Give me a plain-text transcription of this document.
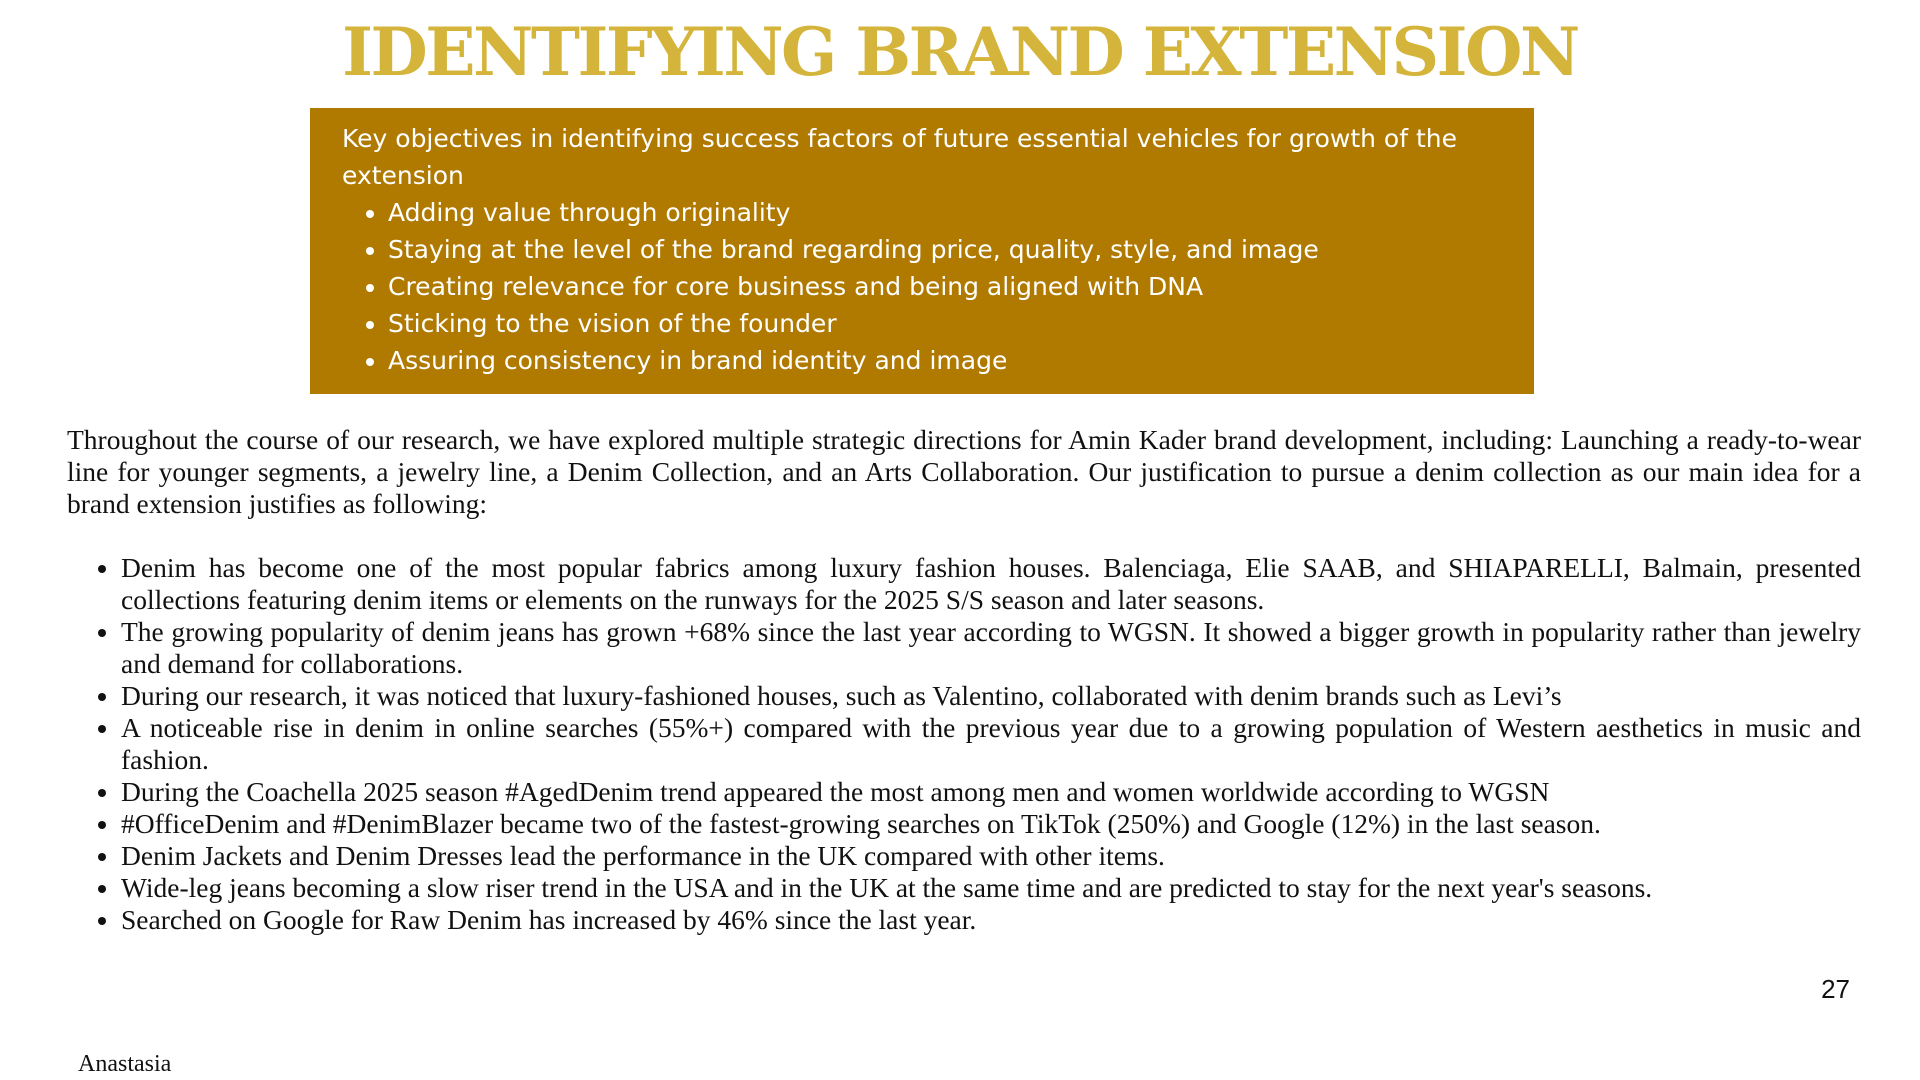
IDENTIFYING BRAND EXTENSION

Key objectives in identifying success factors of future essential vehicles for growth of the extension

• Adding value through originality
• Staying at the level of the brand regarding price, quality, style, and image
• Creating relevance for core business and being aligned with DNA
• Sticking to the vision of the founder
• Assuring consistency in brand identity and image

Throughout the course of our research, we have explored multiple strategic directions for Amin Kader brand development, including: Launching a ready-to-wear line for younger segments, a jewelry line, a Denim Collection, and an Arts Collaboration. Our justification to pursue a denim collection as our main idea for a brand extension justifies as following:

• Denim has become one of the most popular fabrics among luxury fashion houses. Balenciaga, Elie SAAB, and SHIAPARELLI, Balmain, presented collections featuring denim items or elements on the runways for the 2025 S/S season and later seasons.
• The growing popularity of denim jeans has grown +68% since the last year according to WGSN. It showed a bigger growth in popularity rather than jewelry and demand for collaborations.
• During our research, it was noticed that luxury-fashioned houses, such as Valentino, collaborated with denim brands such as Levi’s
• A noticeable rise in denim in online searches (55%+) compared with the previous year due to a growing population of Western aesthetics in music and fashion.
• During the Coachella 2025 season #AgedDenim trend appeared the most among men and women worldwide according to WGSN
• #OfficeDenim and #DenimBlazer became two of the fastest-growing searches on TikTok (250%) and Google (12%) in the last season.
• Denim Jackets and Denim Dresses lead the performance in the UK compared with other items.
• Wide-leg jeans becoming a slow riser trend in the USA and in the UK at the same time and are predicted to stay for the next year's seasons.
• Searched on Google for Raw Denim has increased by 46% since the last year.

27

Anastasia
